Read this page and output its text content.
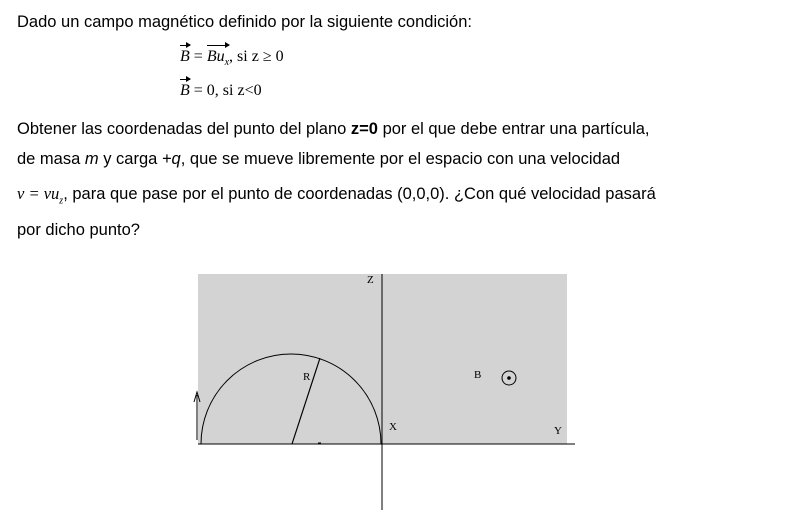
Dado un campo magnético definido por la siguiente condición:
$B = Bu_x$, si z ≥ 0
B = 0, si z<0
Obtener las coordenadas del punto del plano z=0 por el que debe entrar una partícula,
de masa m y carga +q, que se mueve libremente por el espacio con una velocidad
$v = vu_z$, para que pase por el punto de coordenadas (0,0,0). ¿Con qué velocidad pasará
por dicho punto?
Z
R	B
X	Y
